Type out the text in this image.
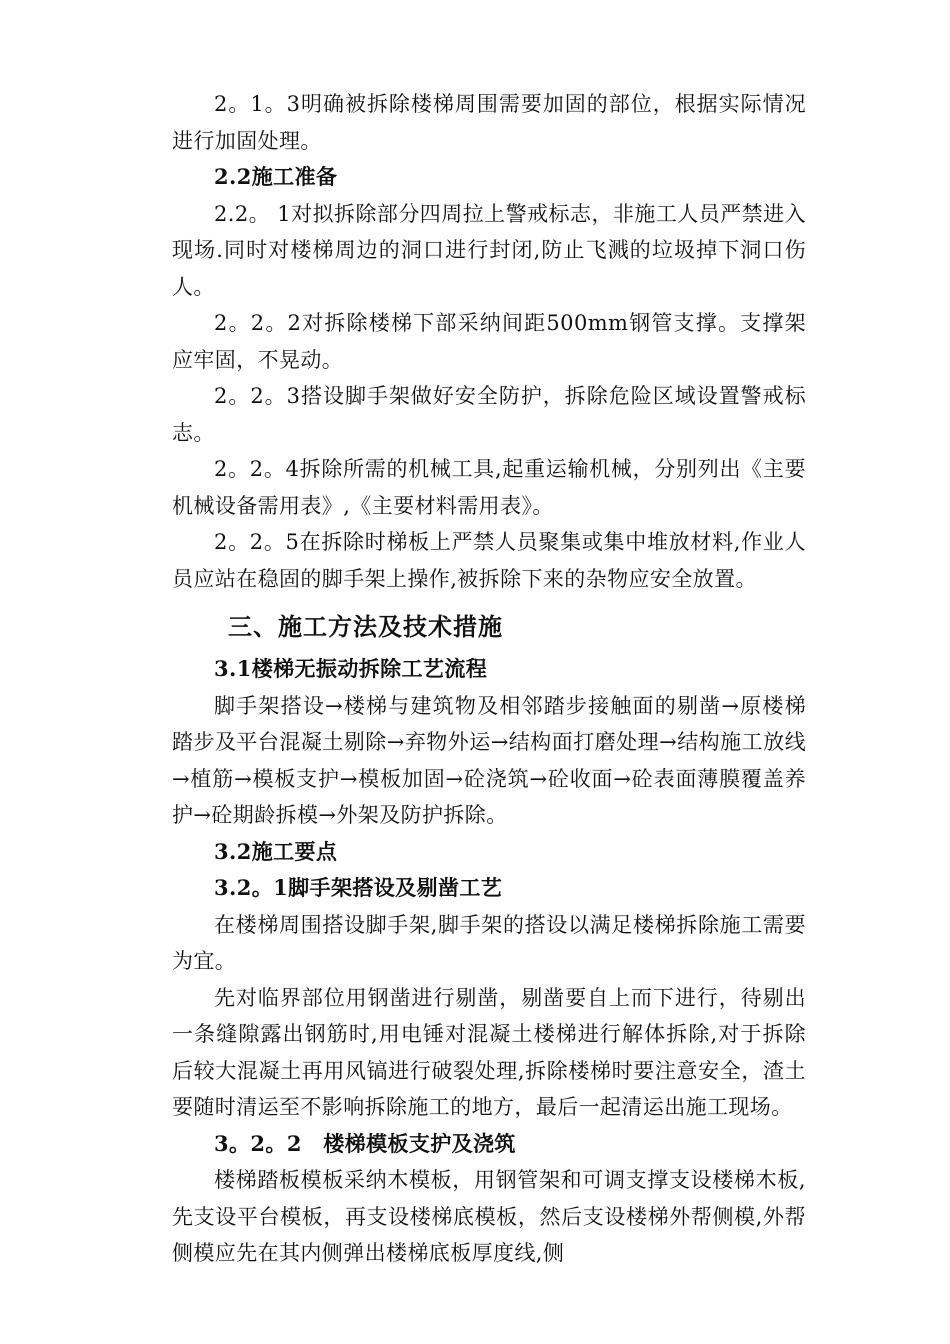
2。1。3明确被拆除楼梯周围需要加固的部位，根据实际情况进行加固处理。

2.2施工准备

2.2。 1对拟拆除部分四周拉上警戒标志，非施工人员严禁进入现场.同时对楼梯周边的洞口进行封闭,防止飞溅的垃圾掉下洞口伤人。

2。2。2对拆除楼梯下部采纳间距500mm钢管支撑。支撑架应牢固，不晃动。

2。2。3搭设脚手架做好安全防护，拆除危险区域设置警戒标志。

2。2。4拆除所需的机械工具,起重运输机械，分别列出《主要机械设备需用表》,《主要材料需用表》。

2。2。5在拆除时梯板上严禁人员聚集或集中堆放材料,作业人员应站在稳固的脚手架上操作,被拆除下来的杂物应安全放置。

三、施工方法及技术措施

3.1楼梯无振动拆除工艺流程

脚手架搭设→楼梯与建筑物及相邻踏步接触面的剔凿→原楼梯踏步及平台混凝土剔除→弃物外运→结构面打磨处理→结构施工放线→植筋→模板支护→模板加固→砼浇筑→砼收面→砼表面薄膜覆盖养护→砼期龄拆模→外架及防护拆除。

3.2施工要点

3.2。1脚手架搭设及剔凿工艺

在楼梯周围搭设脚手架,脚手架的搭设以满足楼梯拆除施工需要为宜。

先对临界部位用钢凿进行剔凿，剔凿要自上而下进行，待剔出一条缝隙露出钢筋时,用电锤对混凝土楼梯进行解体拆除,对于拆除后较大混凝土再用风镐进行破裂处理,拆除楼梯时要注意安全，渣土要随时清运至不影响拆除施工的地方，最后一起清运出施工现场。

3。2。2　楼梯模板支护及浇筑

楼梯踏板模板采纳木模板，用钢管架和可调支撑支设楼梯木板,先支设平台模板，再支设楼梯底模板，然后支设楼梯外帮侧模,外帮侧模应先在其内侧弹出楼梯底板厚度线,侧
